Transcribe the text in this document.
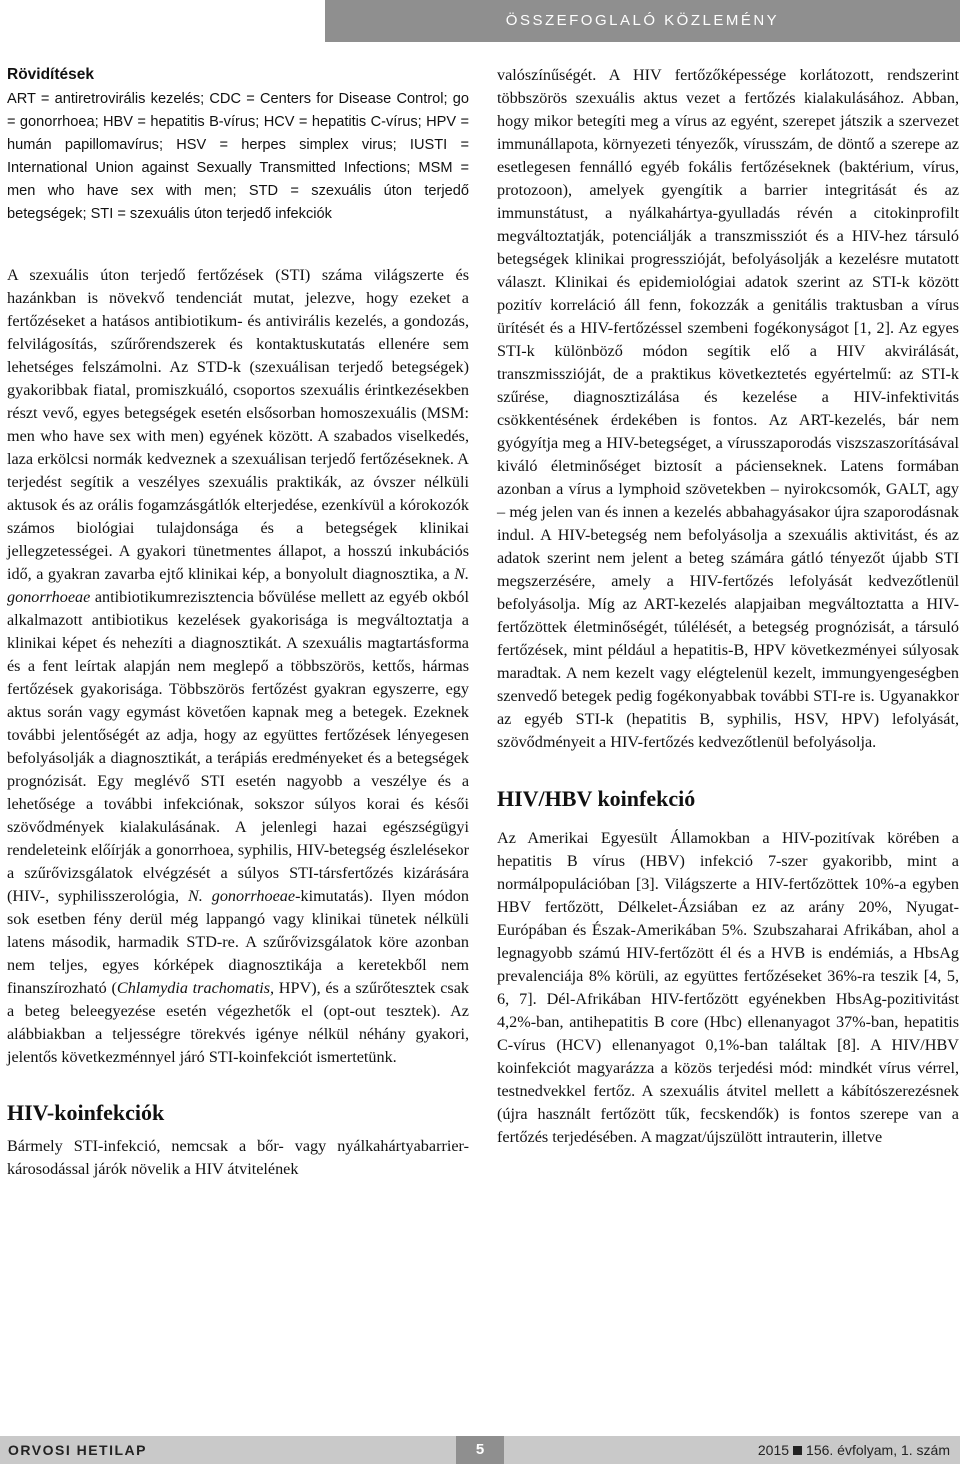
ÖSSZEFOGLALÓ KÖZLEMÉNY

Rövidítések

ART = antiretrovirális kezelés; CDC = Centers for Disease Control; go = gonorrhoea; HBV = hepatitis B-vírus; HCV = hepatitis C-vírus; HPV = humán papillomavírus; HSV = herpes simplex virus; IUSTI = International Union against Sexually Transmitted Infections; MSM = men who have sex with men; STD = szexuális úton terjedő betegségek; STI = szexuális úton terjedő infekciók

A szexuális úton terjedő fertőzések (STI) száma világszerte és hazánkban is növekvő tendenciát mutat, jelezve, hogy ezeket a fertőzéseket a hatásos antibiotikum- és antivirális kezelés, a gondozás, felvilágosítás, szűrőrendszerek és kontaktuskutatás ellenére sem lehetséges felszámolni. Az STD-k (szexuálisan terjedő betegségek) gyakoribbak fiatal, promiszkuáló, csoportos szexuális érintkezésekben részt vevő, egyes betegségek esetén elsősorban homoszexuális (MSM: men who have sex with men) egyének között. A szabados viselkedés, laza erkölcsi normák kedveznek a szexuálisan terjedő fertőzéseknek. A terjedést segítik a veszélyes szexuális praktikák, az óvszer nélküli aktusok és az orális fogamzásgátlók elterjedése, ezenkívül a kórokozók számos biológiai tulajdonsága és a betegségek klinikai jellegzetességei. A gyakori tünetmentes állapot, a hosszú inkubációs idő, a gyakran zavarba ejtő klinikai kép, a bonyolult diagnosztika, a N. gonorrhoeae antibiotikumrezisztencia bővülése mellett az egyéb okból alkalmazott antibiotikus kezelések gyakorisága is megváltoztatja a klinikai képet és nehezíti a diagnosztikát. A szexuális magtartásforma és a fent leírtak alapján nem meglepő a többszörös, kettős, hármas fertőzések gyakorisága. Többszörös fertőzést gyakran egyszerre, egy aktus során vagy egymást követően kapnak meg a betegek. Ezeknek további jelentőségét az adja, hogy az együttes fertőzések lényegesen befolyásolják a diagnosztikát, a terápiás eredményeket és a betegségek prognózisát. Egy meglévő STI esetén nagyobb a veszélye és a lehetősége a további infekciónak, sokszor súlyos korai és késői szövődmények kialakulásának. A jelenlegi hazai egészségügyi rendeleteink előírják a gonorrhoea, syphilis, HIV-betegség észlelésekor a szűrővizsgálatok elvégzését a súlyos STI-társfertőzés kizárására (HIV-, syphilisszerológia, N. gonorrhoeae-kimutatás). Ilyen módon sok esetben fény derül még lappangó vagy klinikai tünetek nélküli latens második, harmadik STD-re. A szűrővizsgálatok köre azonban nem teljes, egyes kórképek diagnosztikája a keretekből nem finanszírozható (Chlamydia trachomatis, HPV), és a szűrőtesztek csak a beteg beleegyezése esetén végezhetők el (opt-out tesztek). Az alábbiakban a teljességre törekvés igénye nélkül néhány gyakori, jelentős következménnyel járó STI-koinfekciót ismertetünk.

HIV-koinfekciók

Bármely STI-infekció, nemcsak a bőr- vagy nyálkahártyabarrier-károsodással járók növelik a HIV átvitelének

valószínűségét. A HIV fertőzőképessége korlátozott, rendszerint többszörös szexuális aktus vezet a fertőzés kialakulásához. Abban, hogy mikor betegíti meg a vírus az egyént, szerepet játszik a szervezet immunállapota, környezeti tényezők, vírusszám, de döntő a szerepe az esetlegesen fennálló egyéb fokális fertőzéseknek (baktérium, vírus, protozoon), amelyek gyengítik a barrier integritását és az immunstátust, a nyálkahártya-gyulladás révén a citokinprofilt megváltoztatják, potenciálják a transzmissziót és a HIV-hez társuló betegségek klinikai progresszióját, befolyásolják a kezelésre mutatott választ. Klinikai és epidemiológiai adatok szerint az STI-k között pozitív korreláció áll fenn, fokozzák a genitális traktusban a vírus ürítését és a HIV-fertőzéssel szembeni fogékonyságot [1, 2]. Az egyes STI-k különböző módon segítik elő a HIV akvirálását, transzmisszióját, de a praktikus következtetés egyértelmű: az STI-k szűrése, diagnosztizálása és kezelése a HIV-infektivitás csökkentésének érdekében is fontos. Az ART-kezelés, bár nem gyógyítja meg a HIV-betegséget, a vírusszaporodás viszszaszorításával kiváló életminőséget biztosít a pácienseknek. Latens formában azonban a vírus a lymphoid szövetekben – nyirokcsomók, GALT, agy – még jelen van és innen a kezelés abbahagyásakor újra szaporodásnak indul. A HIV-betegség nem befolyásolja a szexuális aktivitást, és az adatok szerint nem jelent a beteg számára gátló tényezőt újabb STI megszerzésére, amely a HIV-fertőzés lefolyását kedvezőtlenül befolyásolja. Míg az ART-kezelés alapjaiban megváltoztatta a HIV-fertőzöttek életminőségét, túlélését, a betegség prognózisát, a társuló fertőzések, mint például a hepatitis-B, HPV következményei súlyosak maradtak. A nem kezelt vagy elégtelenül kezelt, immungyengeségben szenvedő betegek pedig fogékonyabbak további STI-re is. Ugyanakkor az egyéb STI-k (hepatitis B, syphilis, HSV, HPV) lefolyását, szövődményeit a HIV-fertőzés kedvezőtlenül befolyásolja.

HIV/HBV koinfekció

Az Amerikai Egyesült Államokban a HIV-pozitívak körében a hepatitis B vírus (HBV) infekció 7-szer gyakoribb, mint a normálpopulációban [3]. Világszerte a HIV-fertőzöttek 10%-a egyben HBV fertőzött, Délkelet-Ázsiában ez az arány 20%, Nyugat-Európában és Észak-Amerikában 5%. Szubszaharai Afrikában, ahol a legnagyobb számú HIV-fertőzött él és a HVB is endémiás, a HbsAg prevalenciája 8% körüli, az együttes fertőzéseket 36%-ra teszik [4, 5, 6, 7]. Dél-Afrikában HIV-fertőzött egyénekben HbsAg-pozitivitást 4,2%-ban, antihepatitis B core (Hbc) ellenanyagot 37%-ban, hepatitis C-vírus (HCV) ellenanyagot 0,1%-ban találtak [8]. A HIV/HBV koinfekciót magyarázza a közös terjedési mód: mindkét vírus vérrel, testnedvekkel fertőz. A szexuális átvitel mellett a kábítószerezésnek (újra használt fertőzött tűk, fecskendők) is fontos szerepe van a fertőzés terjedésében. A magzat/újszülött intrauterin, illetve

ORVOSI HETILAP	5	2015 156. évfolyam, 1. szám
